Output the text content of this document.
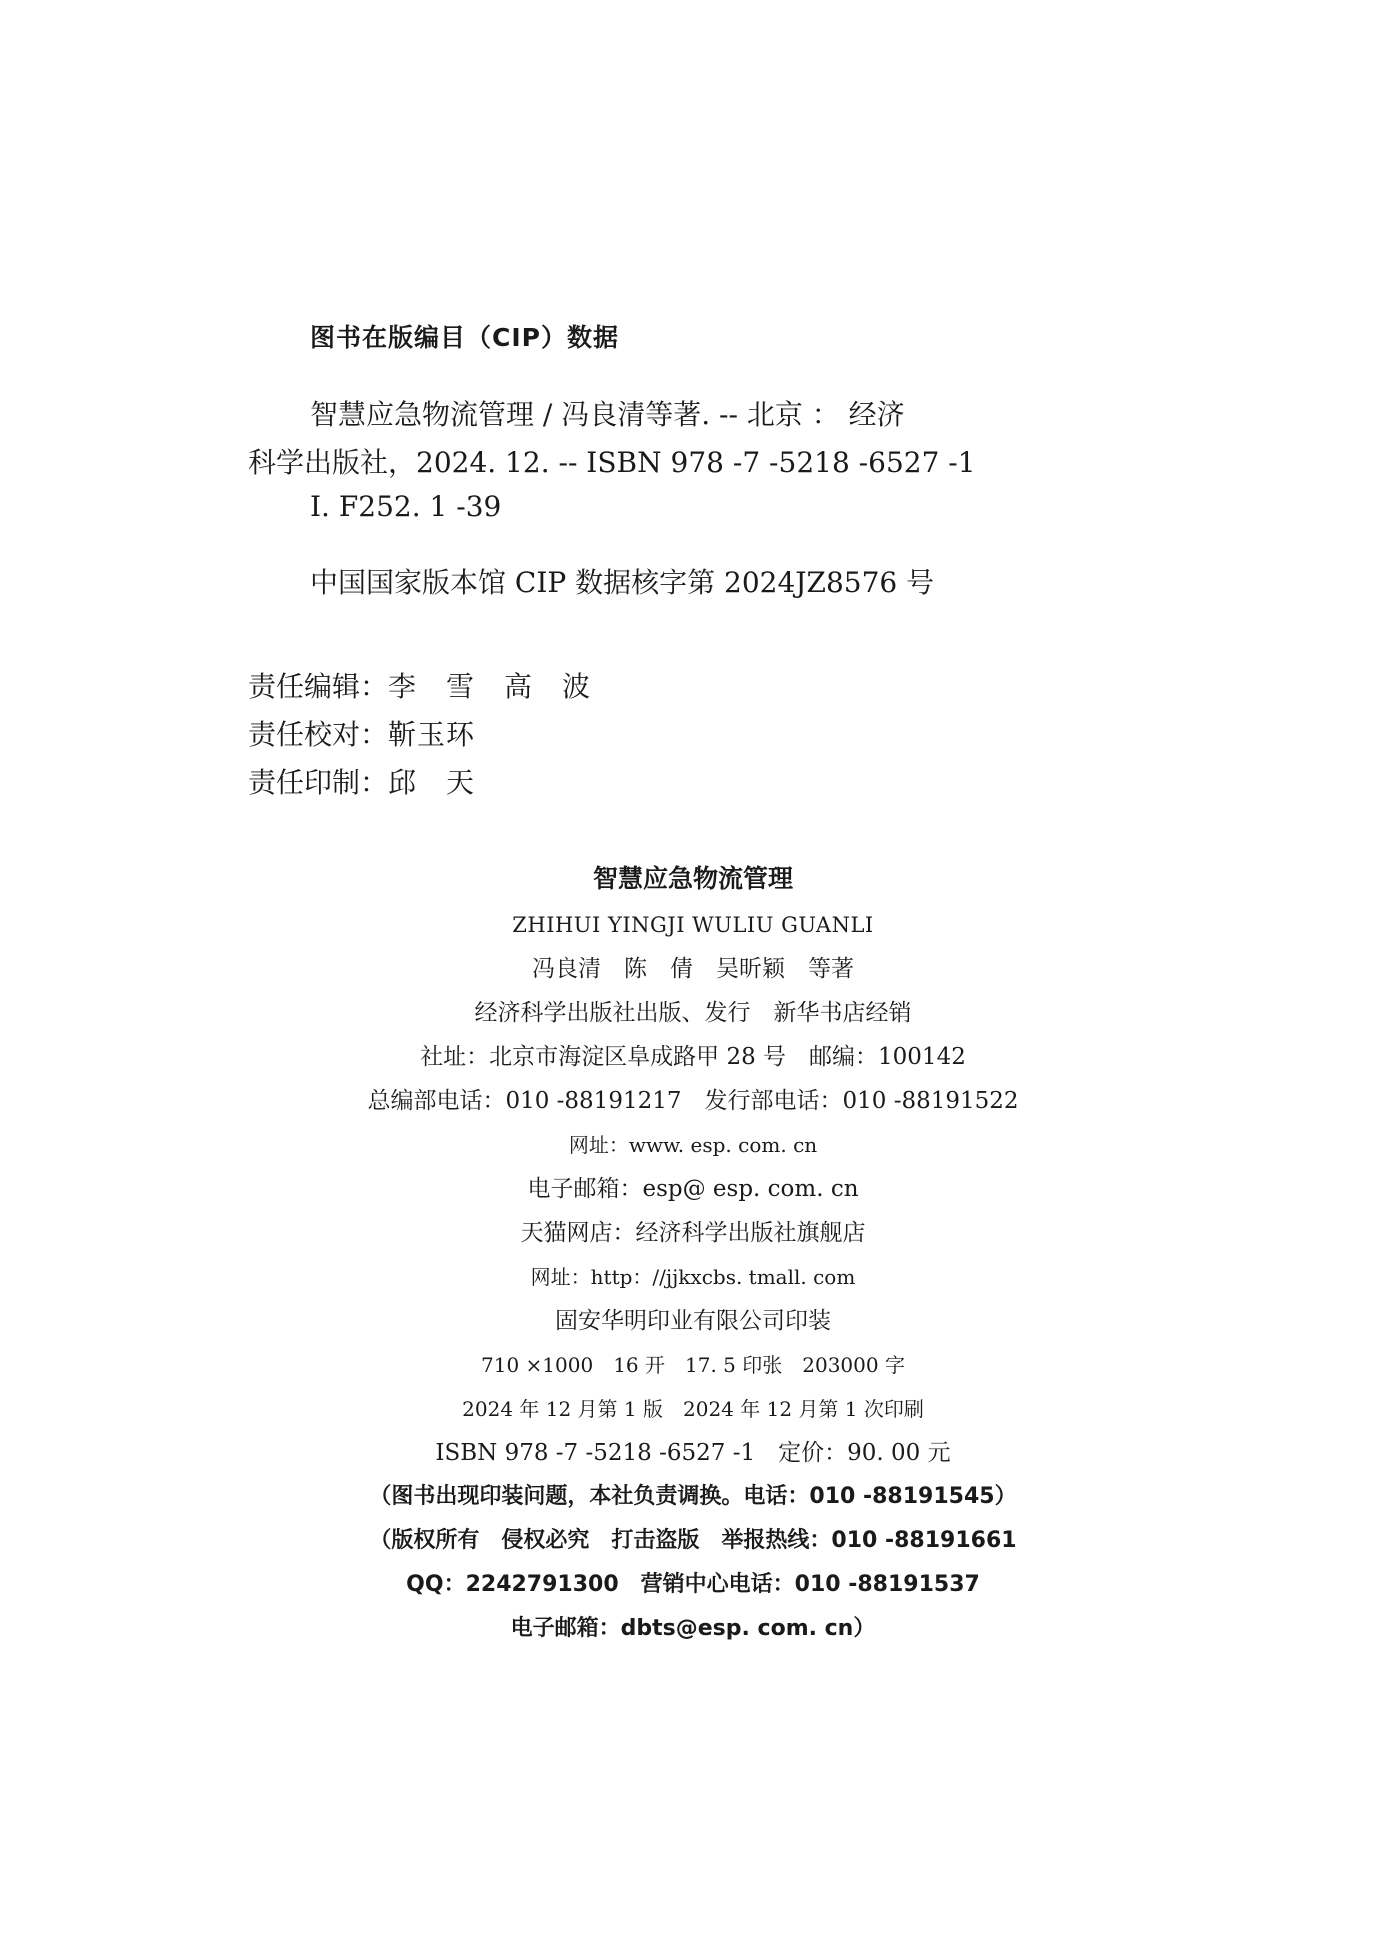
图书在版编目（CIP）数据
智慧应急物流管理 / 冯良清等著. -- 北京 ： 经济
科学出版社，2024. 12. -- ISBN 978 -7 -5218 -6527 -1
Ⅰ. F252. 1 -39
中国国家版本馆 CIP 数据核字第 2024JZ8576 号
责任编辑：李　雪　高　波
责任校对：靳玉环
责任印制：邱　天
智慧应急物流管理
ZHIHUI YINGJI WULIU GUANLI
冯良清　陈　倩　吴昕颖　等著
经济科学出版社出版、发行　新华书店经销
社址：北京市海淀区阜成路甲 28 号　邮编：100142
总编部电话：010 -88191217　发行部电话：010 -88191522
网址：www. esp. com. cn
电子邮箱：esp@ esp. com. cn
天猫网店：经济科学出版社旗舰店
网址：http：//jjkxcbs. tmall. com
固安华明印业有限公司印装
710 ×1000　16 开　17. 5 印张　203000 字
2024 年 12 月第 1 版　2024 年 12 月第 1 次印刷
ISBN 978 -7 -5218 -6527 -1　定价：90. 00 元
（图书出现印装问题，本社负责调换。电话：010 -88191545）
（版权所有　侵权必究　打击盗版　举报热线：010 -88191661
QQ：2242791300　营销中心电话：010 -88191537
电子邮箱：dbts@esp. com. cn）
